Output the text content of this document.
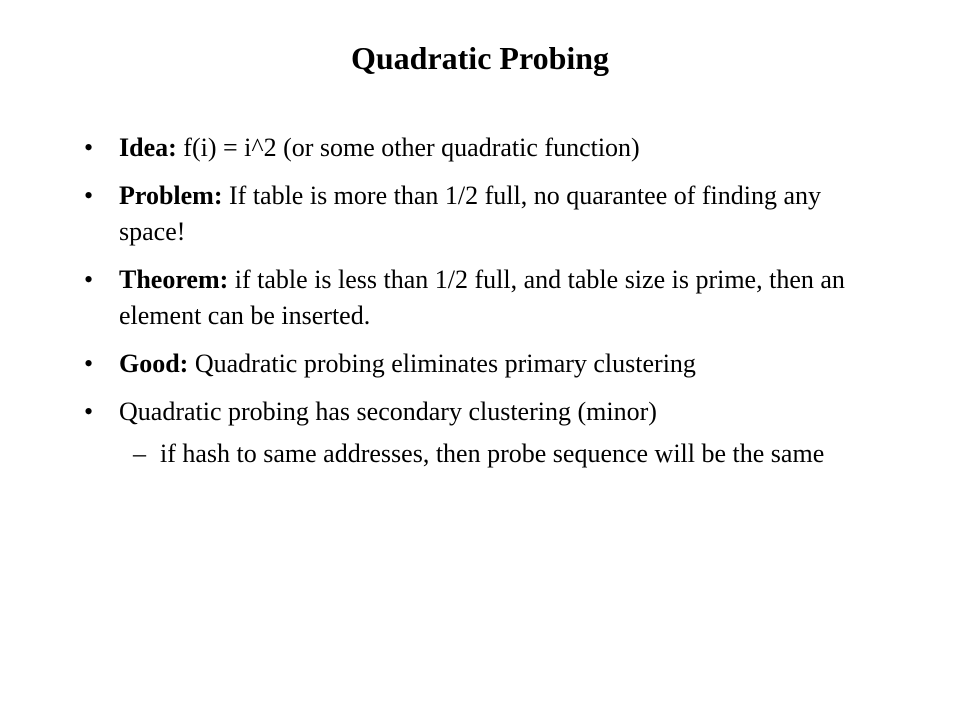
Quadratic Probing
• Idea: f(i) = i^2 (or some other quadratic function)
• Problem: If table is more than 1/2 full, no quarantee of finding any space!
• Theorem: if table is less than 1/2 full, and table size is prime, then an element can be inserted.
• Good: Quadratic probing eliminates primary clustering
• Quadratic probing has secondary clustering (minor)
– if hash to same addresses, then probe sequence will be the same
